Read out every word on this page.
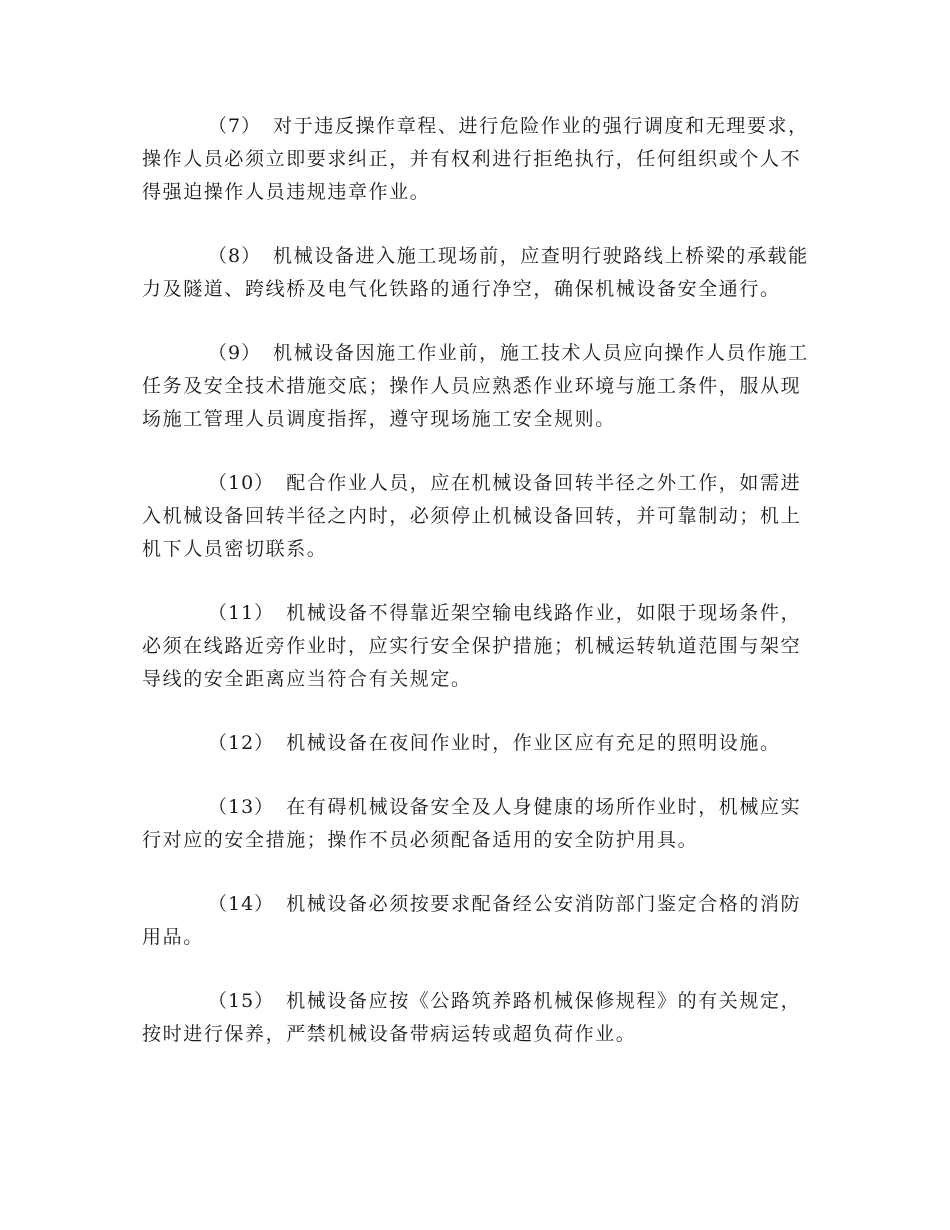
（7） 对于违反操作章程、进行危险作业的强行调度和无理要求，操作人员必须立即要求纠正，并有权利进行拒绝执行，任何组织或个人不得强迫操作人员违规违章作业。

（8） 机械设备进入施工现场前，应查明行驶路线上桥梁的承载能力及隧道、跨线桥及电气化铁路的通行净空，确保机械设备安全通行。

（9） 机械设备因施工作业前，施工技术人员应向操作人员作施工任务及安全技术措施交底；操作人员应熟悉作业环境与施工条件，服从现场施工管理人员调度指挥，遵守现场施工安全规则。

（10） 配合作业人员，应在机械设备回转半径之外工作，如需进入机械设备回转半径之内时，必须停止机械设备回转，并可靠制动；机上机下人员密切联系。

（11） 机械设备不得靠近架空输电线路作业，如限于现场条件，必须在线路近旁作业时，应实行安全保护措施；机械运转轨道范围与架空导线的安全距离应当符合有关规定。

（12） 机械设备在夜间作业时，作业区应有充足的照明设施。

（13） 在有碍机械设备安全及人身健康的场所作业时，机械应实行对应的安全措施；操作不员必须配备适用的安全防护用具。

（14） 机械设备必须按要求配备经公安消防部门鉴定合格的消防用品。

（15） 机械设备应按《公路筑养路机械保修规程》的有关规定，按时进行保养，严禁机械设备带病运转或超负荷作业。
